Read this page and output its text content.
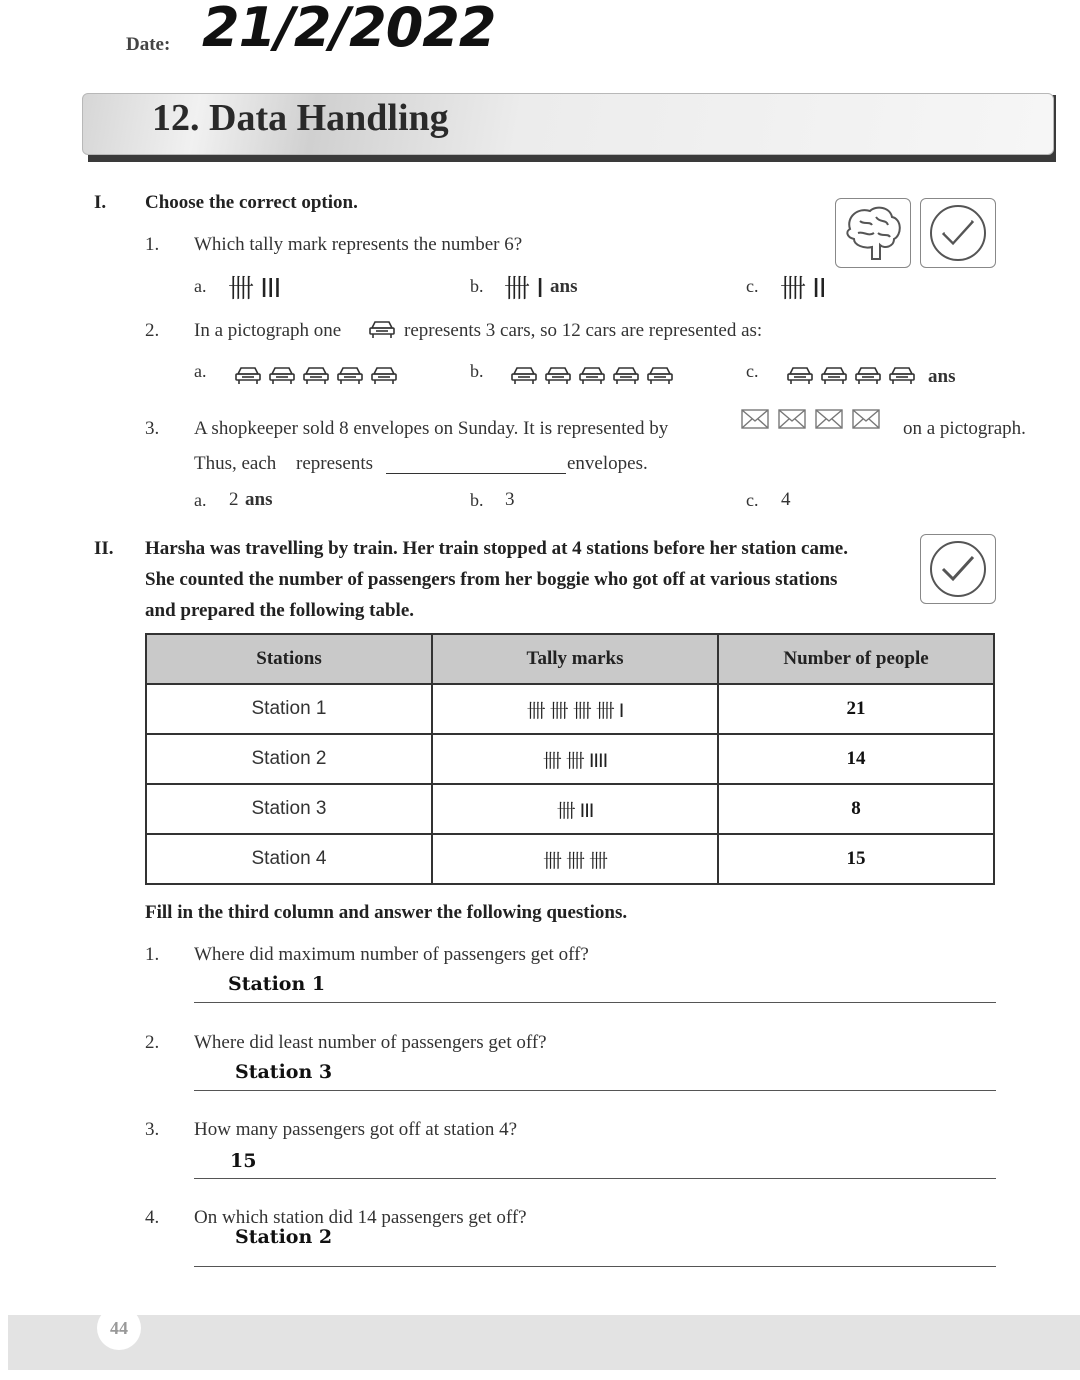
Date: 21/2/2022
12. Data Handling
I. Choose the correct option.
1. Which tally mark represents the number 6?
a. 卌 III	b. 卌 I ans	c. 卌 II
2. In a pictograph one	represents 3 cars, so 12 cars are represented as:
a.	b.	c.	ans
3. A shopkeeper sold 8 envelopes on Sunday. It is represented by	on a pictograph.
Thus, each represents	envelopes.
a. 2 ans	b. 3	c. 4
II. Harsha was travelling by train. Her train stopped at 4 stations before her station came.
She counted the number of passengers from her boggie who got off at various stations
and prepared the following table.
Stations	Tally marks	Number of people
Station 1	卌 卌 卌 卌 I	21
Station 2	卌 卌 IIII	14
Station 3	卌 III	8
Station 4	卌 卌 卌	15
Fill in the third column and answer the following questions.
1. Where did maximum number of passengers get off?
Station 1
2. Where did least number of passengers get off?
Station 3
3. How many passengers got off at station 4?
15
4. On which station did 14 passengers get off?
Station 2
44
